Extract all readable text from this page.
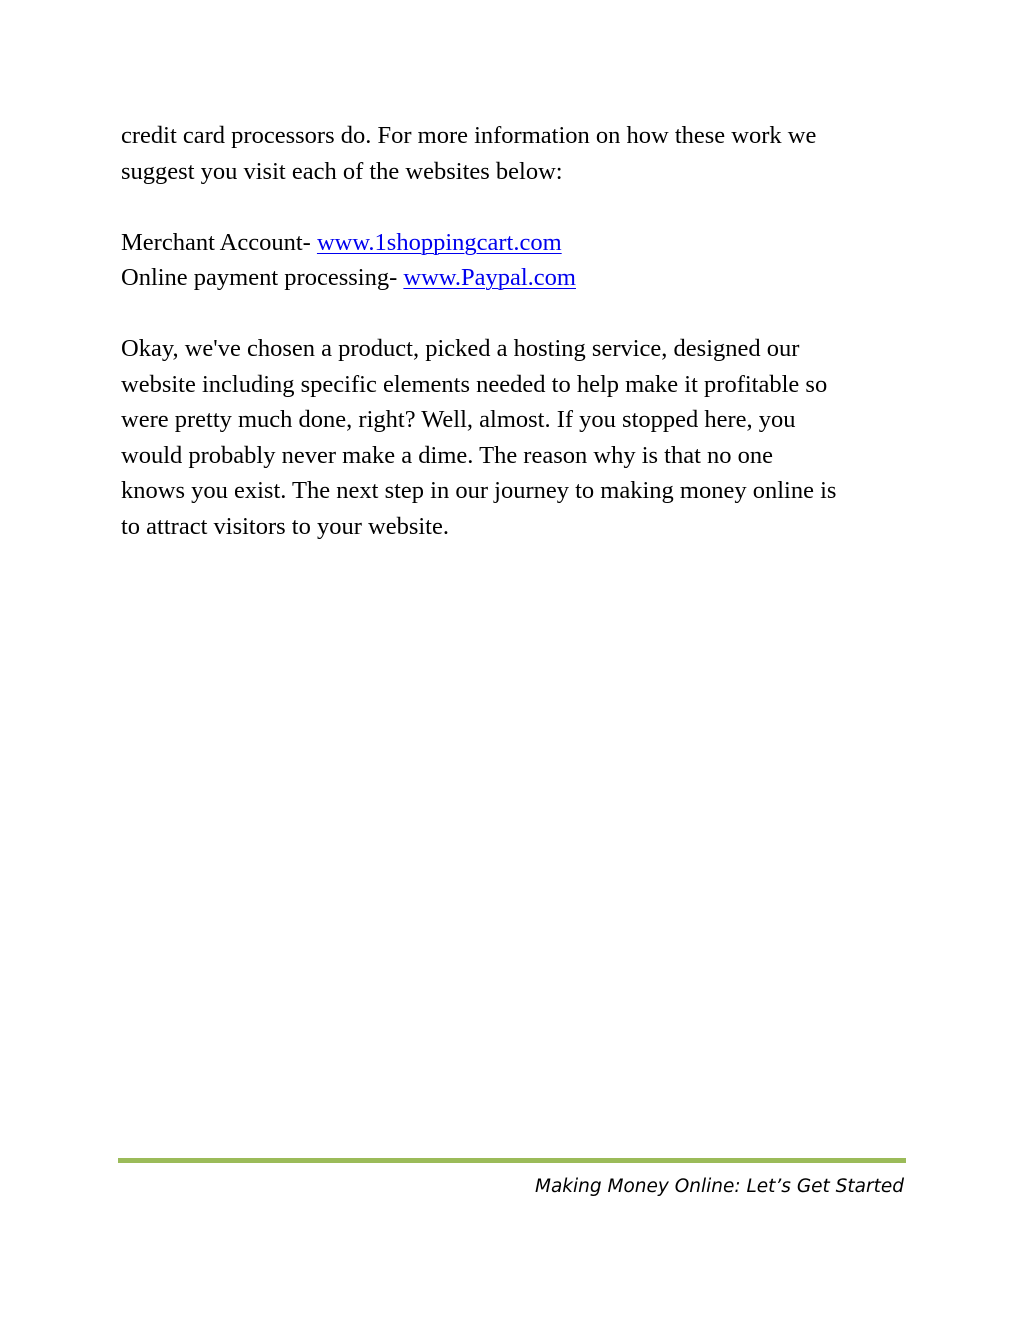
credit card processors do. For more information on how these work we
suggest you visit each of the websites below:

Merchant Account- www.1shoppingcart.com
Online payment processing- www.Paypal.com

Okay, we've chosen a product, picked a hosting service, designed our
website including specific elements needed to help make it profitable so
were pretty much done, right? Well, almost. If you stopped here, you
would probably never make a dime. The reason why is that no one
knows you exist. The next step in our journey to making money online is
to attract visitors to your website.

Making Money Online: Let’s Get Started
